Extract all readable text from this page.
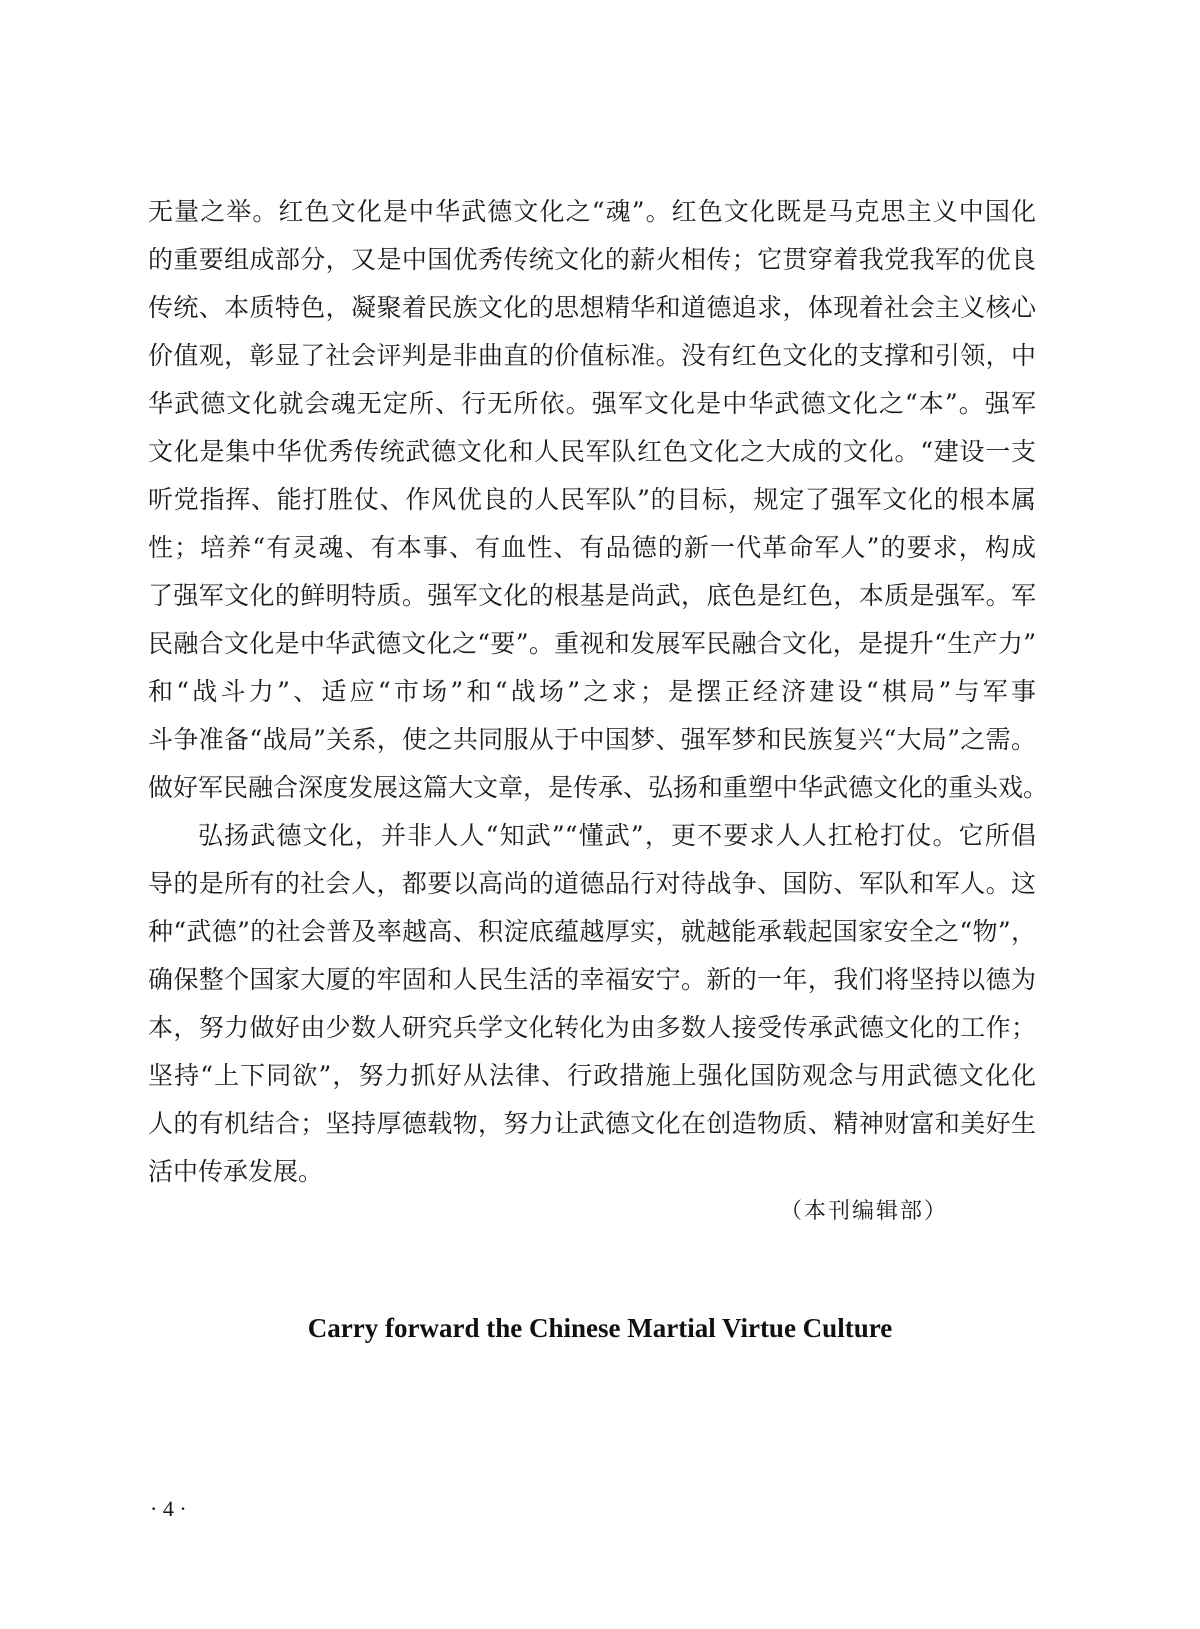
无量之举。红色文化是中华武德文化之“魂”。红色文化既是马克思主义中国化
的重要组成部分，又是中国优秀传统文化的薪火相传；它贯穿着我党我军的优良
传统、本质特色，凝聚着民族文化的思想精华和道德追求，体现着社会主义核心
价值观，彰显了社会评判是非曲直的价值标准。没有红色文化的支撑和引领，中
华武德文化就会魂无定所、行无所依。强军文化是中华武德文化之“本”。强军
文化是集中华优秀传统武德文化和人民军队红色文化之大成的文化。“建设一支
听党指挥、能打胜仗、作风优良的人民军队”的目标，规定了强军文化的根本属
性；培养“有灵魂、有本事、有血性、有品德的新一代革命军人”的要求，构成
了强军文化的鲜明特质。强军文化的根基是尚武，底色是红色，本质是强军。军
民融合文化是中华武德文化之“要”。重视和发展军民融合文化，是提升“生产力”
和“战斗力”、适应“市场”和“战场”之求；是摆正经济建设“棋局”与军事
斗争准备“战局”关系，使之共同服从于中国梦、强军梦和民族复兴“大局”之需。
做好军民融合深度发展这篇大文章，是传承、弘扬和重塑中华武德文化的重头戏。
弘扬武德文化，并非人人“知武”“懂武”，更不要求人人扛枪打仗。它所倡
导的是所有的社会人，都要以高尚的道德品行对待战争、国防、军队和军人。这
种“武德”的社会普及率越高、积淀底蕴越厚实，就越能承载起国家安全之“物”，
确保整个国家大厦的牢固和人民生活的幸福安宁。新的一年，我们将坚持以德为
本，努力做好由少数人研究兵学文化转化为由多数人接受传承武德文化的工作；
坚持“上下同欲”，努力抓好从法律、行政措施上强化国防观念与用武德文化化
人的有机结合；坚持厚德载物，努力让武德文化在创造物质、精神财富和美好生
活中传承发展。
（本刊编辑部）
Carry forward the Chinese Martial Virtue Culture
· 4 ·
